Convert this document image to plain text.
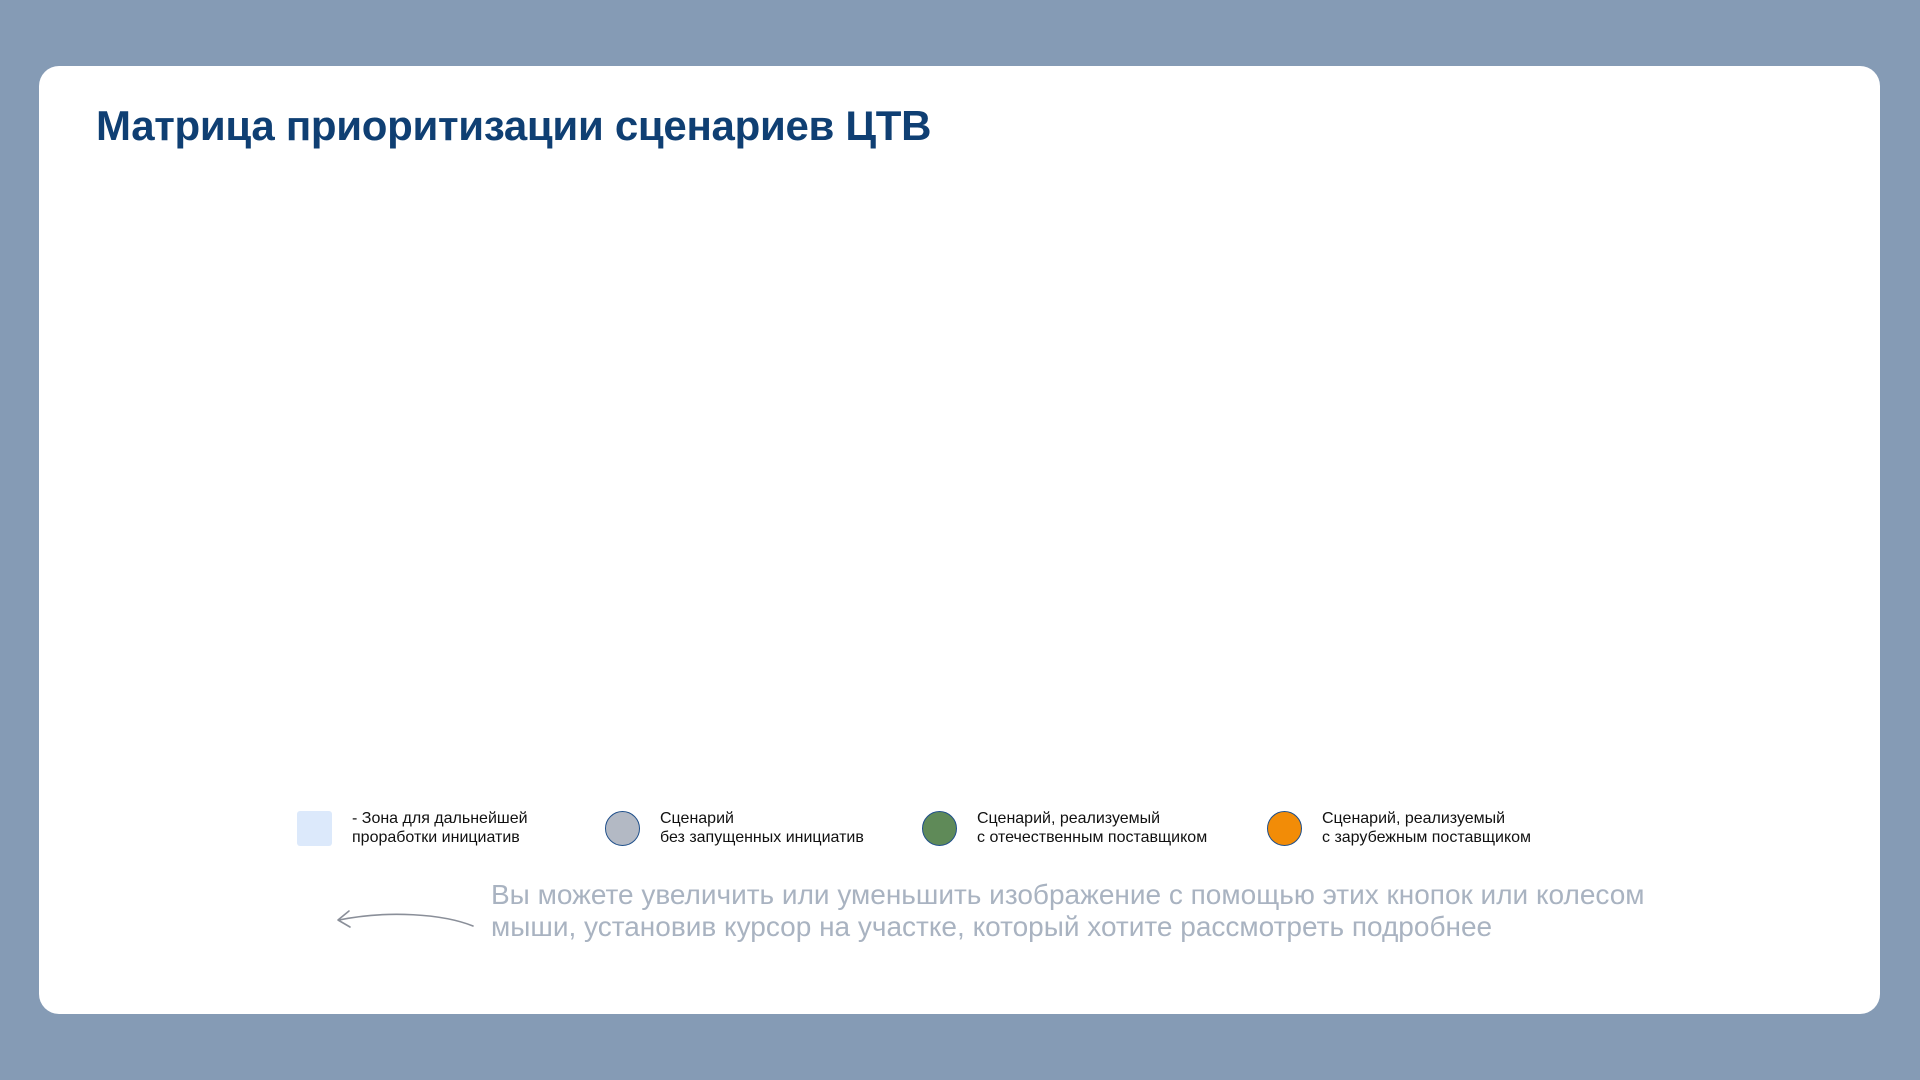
Матрица приоритизации сценариев ЦТВ
- Зона для дальнейшей
проработки инициатив
Сценарий
без запущенных инициатив
Сценарий, реализуемый
с отечественным поставщиком
Сценарий, реализуемый
с зарубежным поставщиком
Вы можете увеличить или уменьшить изображение с помощью этих кнопок или колесом
мыши, установив курсор на участке, который хотите рассмотреть подробнее
